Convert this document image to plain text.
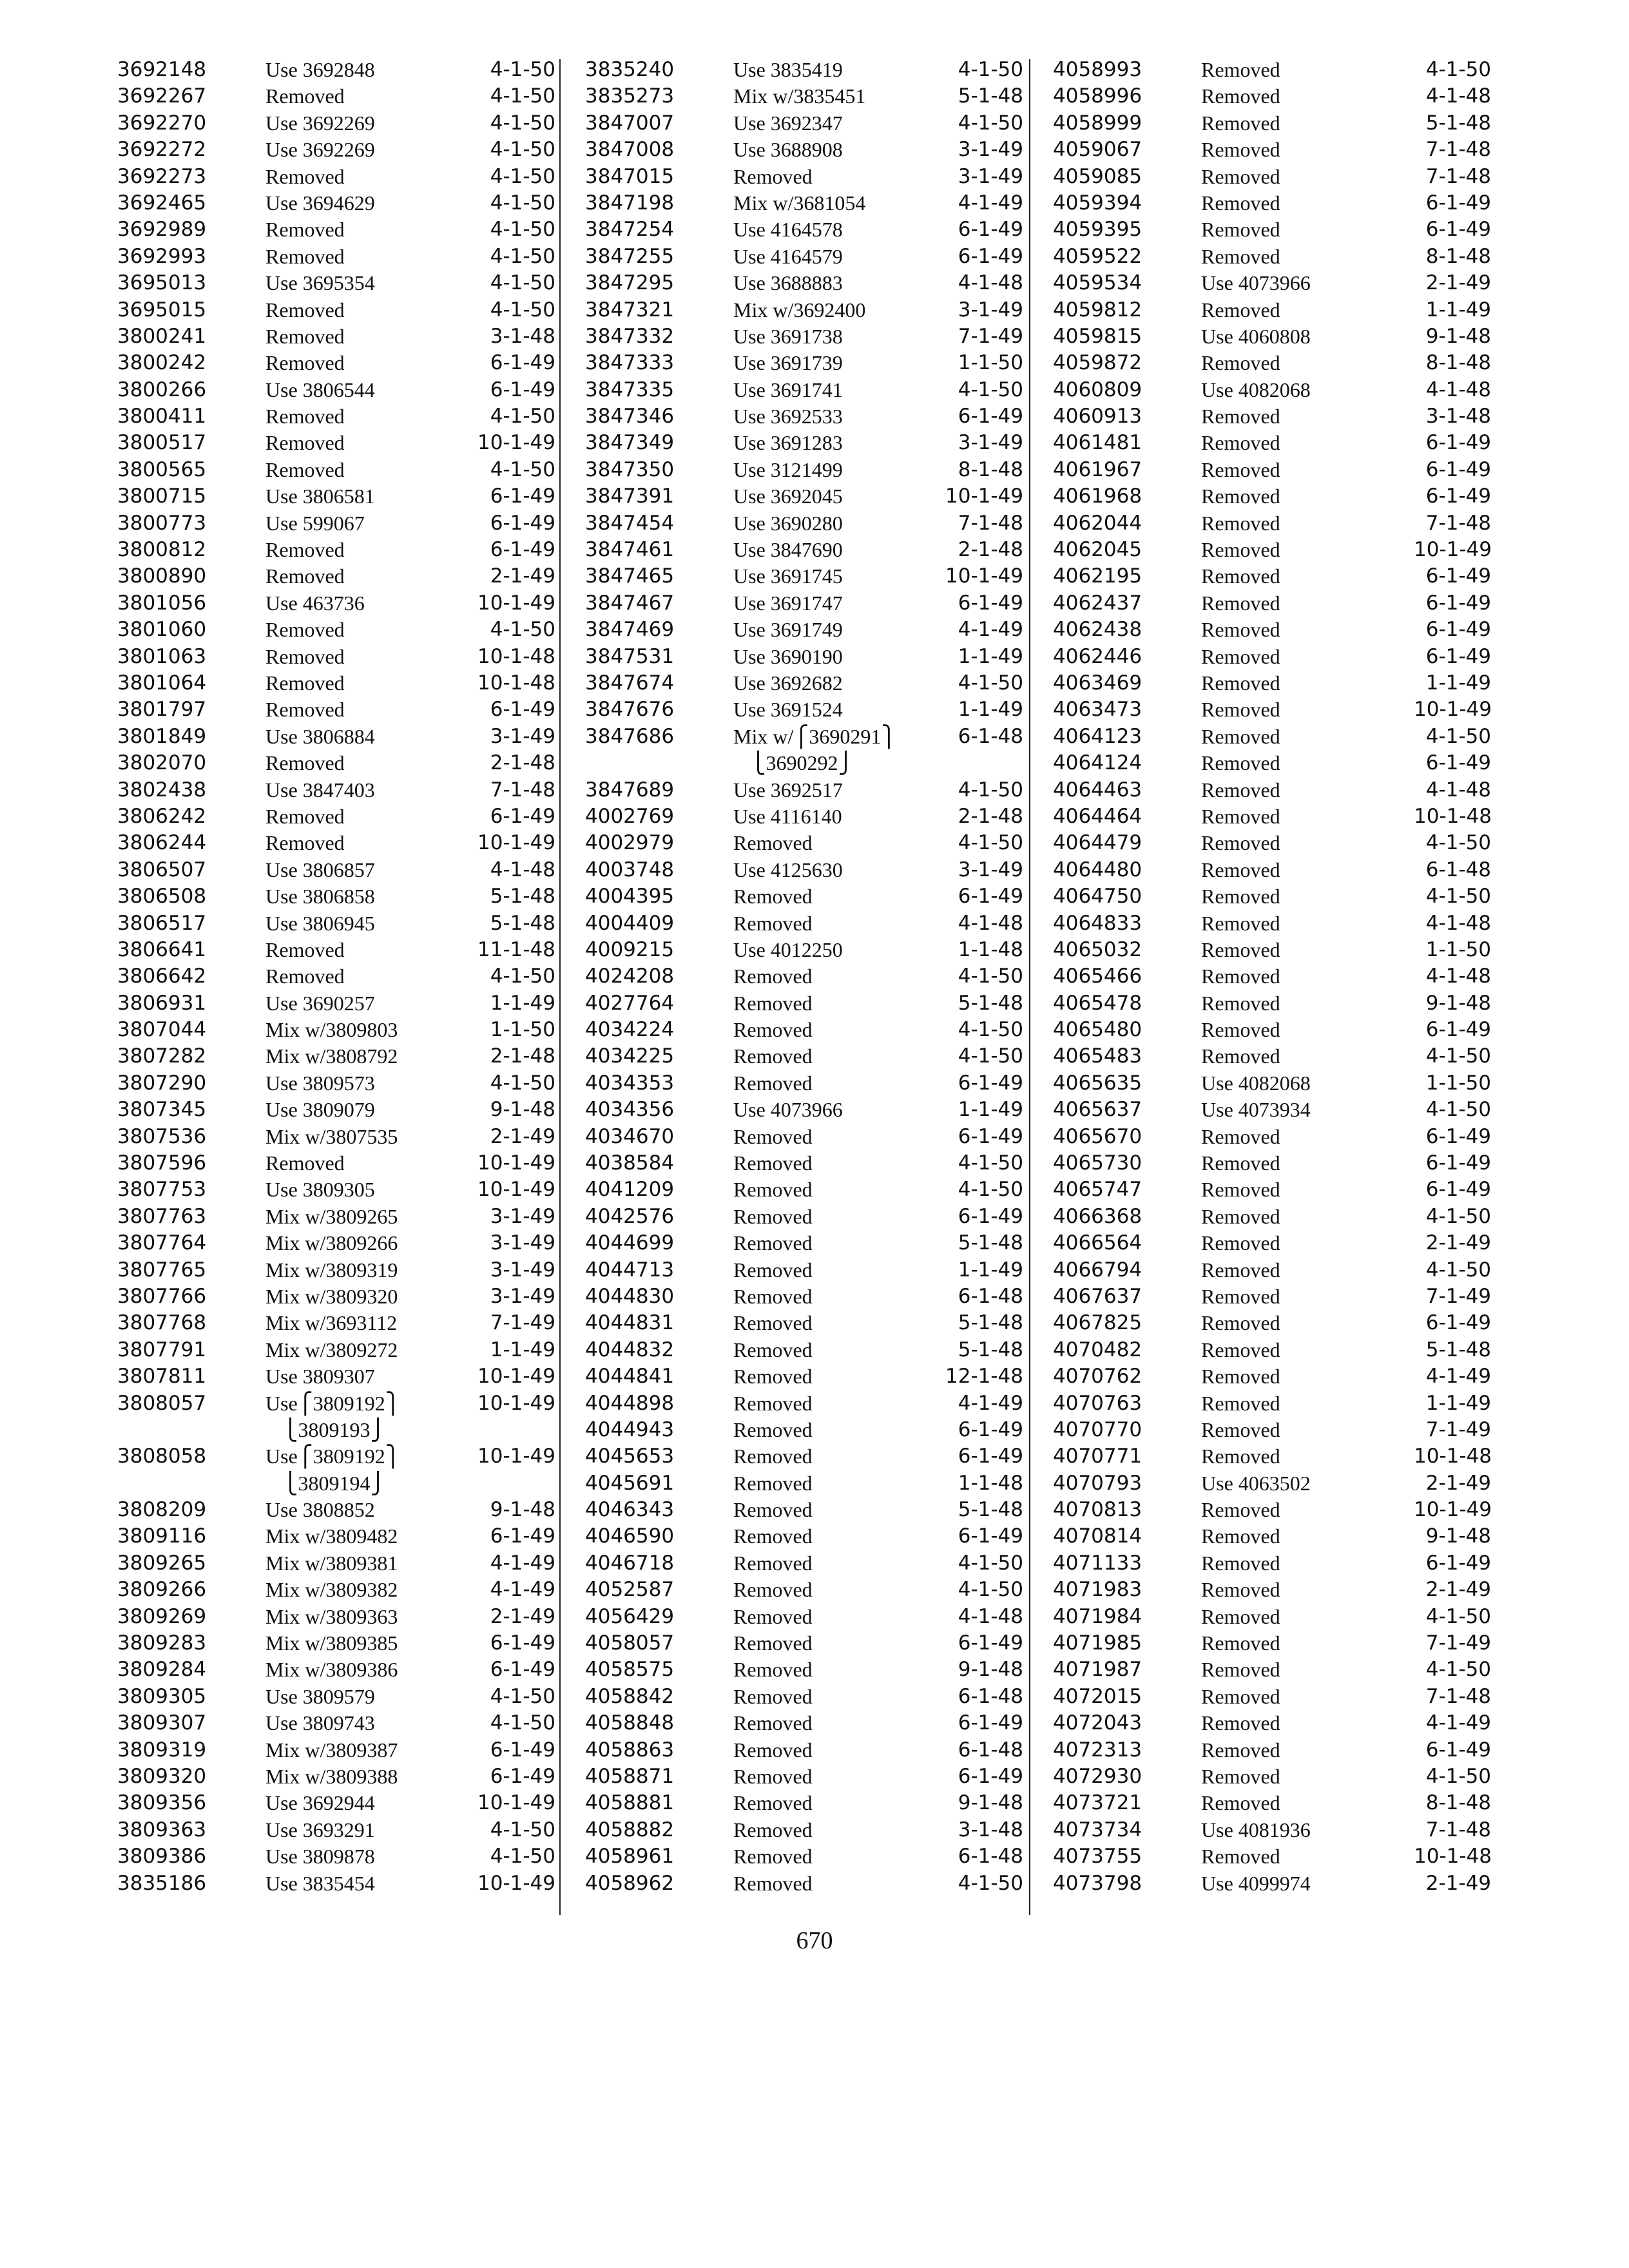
3692148	Use 3692848	4-1-50
3692267	Removed	4-1-50
3692270	Use 3692269	4-1-50
3692272	Use 3692269	4-1-50
3692273	Removed	4-1-50
3692465	Use 3694629	4-1-50
3692989	Removed	4-1-50
3692993	Removed	4-1-50
3695013	Use 3695354	4-1-50
3695015	Removed	4-1-50
3800241	Removed	3-1-48
3800242	Removed	6-1-49
3800266	Use 3806544	6-1-49
3800411	Removed	4-1-50
3800517	Removed	10-1-49
3800565	Removed	4-1-50
3800715	Use 3806581	6-1-49
3800773	Use 599067	6-1-49
3800812	Removed	6-1-49
3800890	Removed	2-1-49
3801056	Use 463736	10-1-49
3801060	Removed	4-1-50
3801063	Removed	10-1-48
3801064	Removed	10-1-48
3801797	Removed	6-1-49
3801849	Use 3806884	3-1-49
3802070	Removed	2-1-48
3802438	Use 3847403	7-1-48
3806242	Removed	6-1-49
3806244	Removed	10-1-49
3806507	Use 3806857	4-1-48
3806508	Use 3806858	5-1-48
3806517	Use 3806945	5-1-48
3806641	Removed	11-1-48
3806642	Removed	4-1-50
3806931	Use 3690257	1-1-49
3807044	Mix w/3809803	1-1-50
3807282	Mix w/3808792	2-1-48
3807290	Use 3809573	4-1-50
3807345	Use 3809079	9-1-48
3807536	Mix w/3807535	2-1-49
3807596	Removed	10-1-49
3807753	Use 3809305	10-1-49
3807763	Mix w/3809265	3-1-49
3807764	Mix w/3809266	3-1-49
3807765	Mix w/3809319	3-1-49
3807766	Mix w/3809320	3-1-49
3807768	Mix w/3693112	7-1-49
3807791	Mix w/3809272	1-1-49
3807811	Use 3809307	10-1-49
3808057	Use⎧3809192⎫	10-1-49
⎩3809193⎭
3808058	Use⎧3809192⎫	10-1-49
⎩3809194⎭
3808209	Use 3808852	9-1-48
3809116	Mix w/3809482	6-1-49
3809265	Mix w/3809381	4-1-49
3809266	Mix w/3809382	4-1-49
3809269	Mix w/3809363	2-1-49
3809283	Mix w/3809385	6-1-49
3809284	Mix w/3809386	6-1-49
3809305	Use 3809579	4-1-50
3809307	Use 3809743	4-1-50
3809319	Mix w/3809387	6-1-49
3809320	Mix w/3809388	6-1-49
3809356	Use 3692944	10-1-49
3809363	Use 3693291	4-1-50
3809386	Use 3809878	4-1-50
3835186	Use 3835454	10-1-49
3835240	Use 3835419	4-1-50
3835273	Mix w/3835451	5-1-48
3847007	Use 3692347	4-1-50
3847008	Use 3688908	3-1-49
3847015	Removed	3-1-49
3847198	Mix w/3681054	4-1-49
3847254	Use 4164578	6-1-49
3847255	Use 4164579	6-1-49
3847295	Use 3688883	4-1-48
3847321	Mix w/3692400	3-1-49
3847332	Use 3691738	7-1-49
3847333	Use 3691739	1-1-50
3847335	Use 3691741	4-1-50
3847346	Use 3692533	6-1-49
3847349	Use 3691283	3-1-49
3847350	Use 3121499	8-1-48
3847391	Use 3692045	10-1-49
3847454	Use 3690280	7-1-48
3847461	Use 3847690	2-1-48
3847465	Use 3691745	10-1-49
3847467	Use 3691747	6-1-49
3847469	Use 3691749	4-1-49
3847531	Use 3690190	1-1-49
3847674	Use 3692682	4-1-50
3847676	Use 3691524	1-1-49
3847686	Mix w/⎧3690291⎫	6-1-48
⎩3690292⎭
3847689	Use 3692517	4-1-50
4002769	Use 4116140	2-1-48
4002979	Removed	4-1-50
4003748	Use 4125630	3-1-49
4004395	Removed	6-1-49
4004409	Removed	4-1-48
4009215	Use 4012250	1-1-48
4024208	Removed	4-1-50
4027764	Removed	5-1-48
4034224	Removed	4-1-50
4034225	Removed	4-1-50
4034353	Removed	6-1-49
4034356	Use 4073966	1-1-49
4034670	Removed	6-1-49
4038584	Removed	4-1-50
4041209	Removed	4-1-50
4042576	Removed	6-1-49
4044699	Removed	5-1-48
4044713	Removed	1-1-49
4044830	Removed	6-1-48
4044831	Removed	5-1-48
4044832	Removed	5-1-48
4044841	Removed	12-1-48
4044898	Removed	4-1-49
4044943	Removed	6-1-49
4045653	Removed	6-1-49
4045691	Removed	1-1-48
4046343	Removed	5-1-48
4046590	Removed	6-1-49
4046718	Removed	4-1-50
4052587	Removed	4-1-50
4056429	Removed	4-1-48
4058057	Removed	6-1-49
4058575	Removed	9-1-48
4058842	Removed	6-1-48
4058848	Removed	6-1-49
4058863	Removed	6-1-48
4058871	Removed	6-1-49
4058881	Removed	9-1-48
4058882	Removed	3-1-48
4058961	Removed	6-1-48
4058962	Removed	4-1-50
4058993	Removed	4-1-50
4058996	Removed	4-1-48
4058999	Removed	5-1-48
4059067	Removed	7-1-48
4059085	Removed	7-1-48
4059394	Removed	6-1-49
4059395	Removed	6-1-49
4059522	Removed	8-1-48
4059534	Use 4073966	2-1-49
4059812	Removed	1-1-49
4059815	Use 4060808	9-1-48
4059872	Removed	8-1-48
4060809	Use 4082068	4-1-48
4060913	Removed	3-1-48
4061481	Removed	6-1-49
4061967	Removed	6-1-49
4061968	Removed	6-1-49
4062044	Removed	7-1-48
4062045	Removed	10-1-49
4062195	Removed	6-1-49
4062437	Removed	6-1-49
4062438	Removed	6-1-49
4062446	Removed	6-1-49
4063469	Removed	1-1-49
4063473	Removed	10-1-49
4064123	Removed	4-1-50
4064124	Removed	6-1-49
4064463	Removed	4-1-48
4064464	Removed	10-1-48
4064479	Removed	4-1-50
4064480	Removed	6-1-48
4064750	Removed	4-1-50
4064833	Removed	4-1-48
4065032	Removed	1-1-50
4065466	Removed	4-1-48
4065478	Removed	9-1-48
4065480	Removed	6-1-49
4065483	Removed	4-1-50
4065635	Use 4082068	1-1-50
4065637	Use 4073934	4-1-50
4065670	Removed	6-1-49
4065730	Removed	6-1-49
4065747	Removed	6-1-49
4066368	Removed	4-1-50
4066564	Removed	2-1-49
4066794	Removed	4-1-50
4067637	Removed	7-1-49
4067825	Removed	6-1-49
4070482	Removed	5-1-48
4070762	Removed	4-1-49
4070763	Removed	1-1-49
4070770	Removed	7-1-49
4070771	Removed	10-1-48
4070793	Use 4063502	2-1-49
4070813	Removed	10-1-49
4070814	Removed	9-1-48
4071133	Removed	6-1-49
4071983	Removed	2-1-49
4071984	Removed	4-1-50
4071985	Removed	7-1-49
4071987	Removed	4-1-50
4072015	Removed	7-1-48
4072043	Removed	4-1-49
4072313	Removed	6-1-49
4072930	Removed	4-1-50
4073721	Removed	8-1-48
4073734	Use 4081936	7-1-48
4073755	Removed	10-1-48
4073798	Use 4099974	2-1-49
670
